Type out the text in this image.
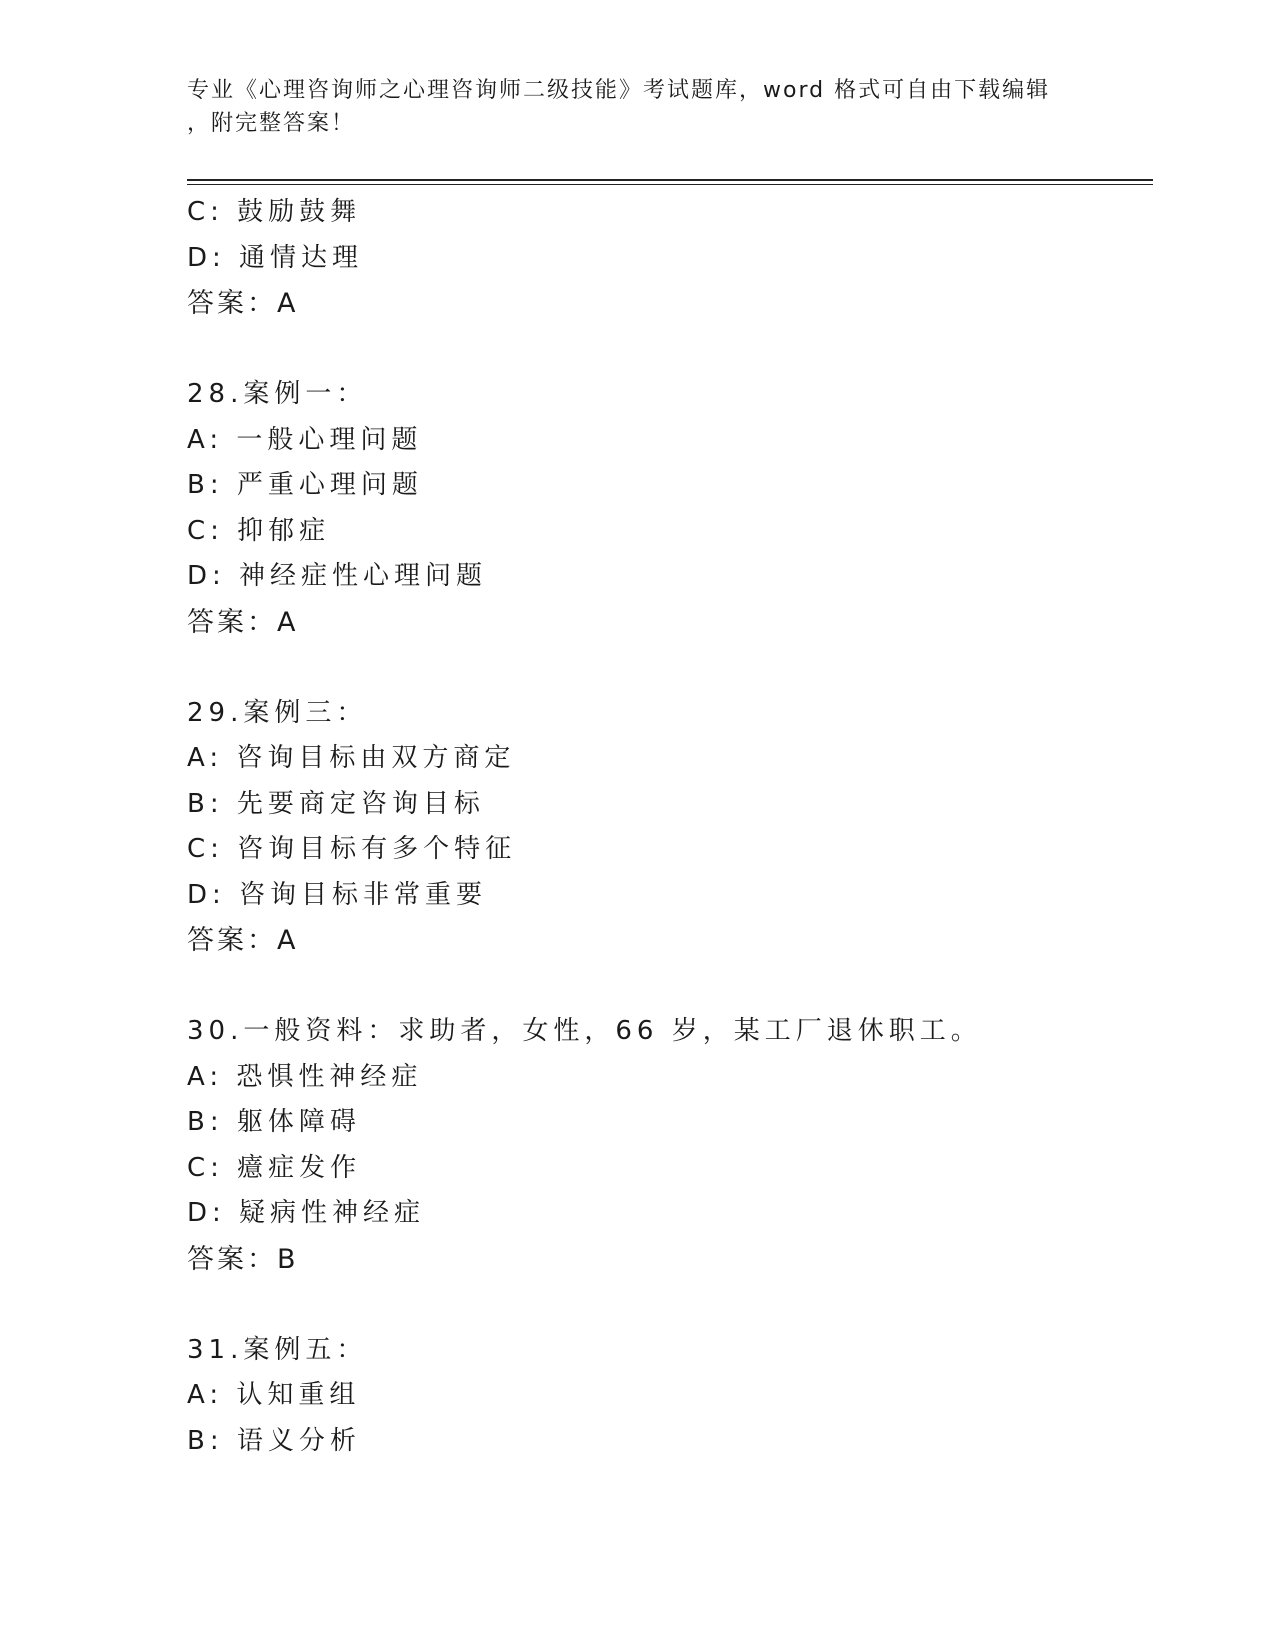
专业《心理咨询师之心理咨询师二级技能》考试题库，word 格式可自由下载编辑
，附完整答案！
C: 鼓励鼓舞
D: 通情达理
答案：A
28.案例一：
A: 一般心理问题
B: 严重心理问题
C: 抑郁症
D: 神经症性心理问题
答案：A
29.案例三：
A: 咨询目标由双方商定
B: 先要商定咨询目标
C: 咨询目标有多个特征
D: 咨询目标非常重要
答案：A
30.一般资料：求助者，女性，66 岁，某工厂退休职工。
A: 恐惧性神经症
B: 躯体障碍
C: 癔症发作
D: 疑病性神经症
答案：B
31.案例五：
A: 认知重组
B: 语义分析
